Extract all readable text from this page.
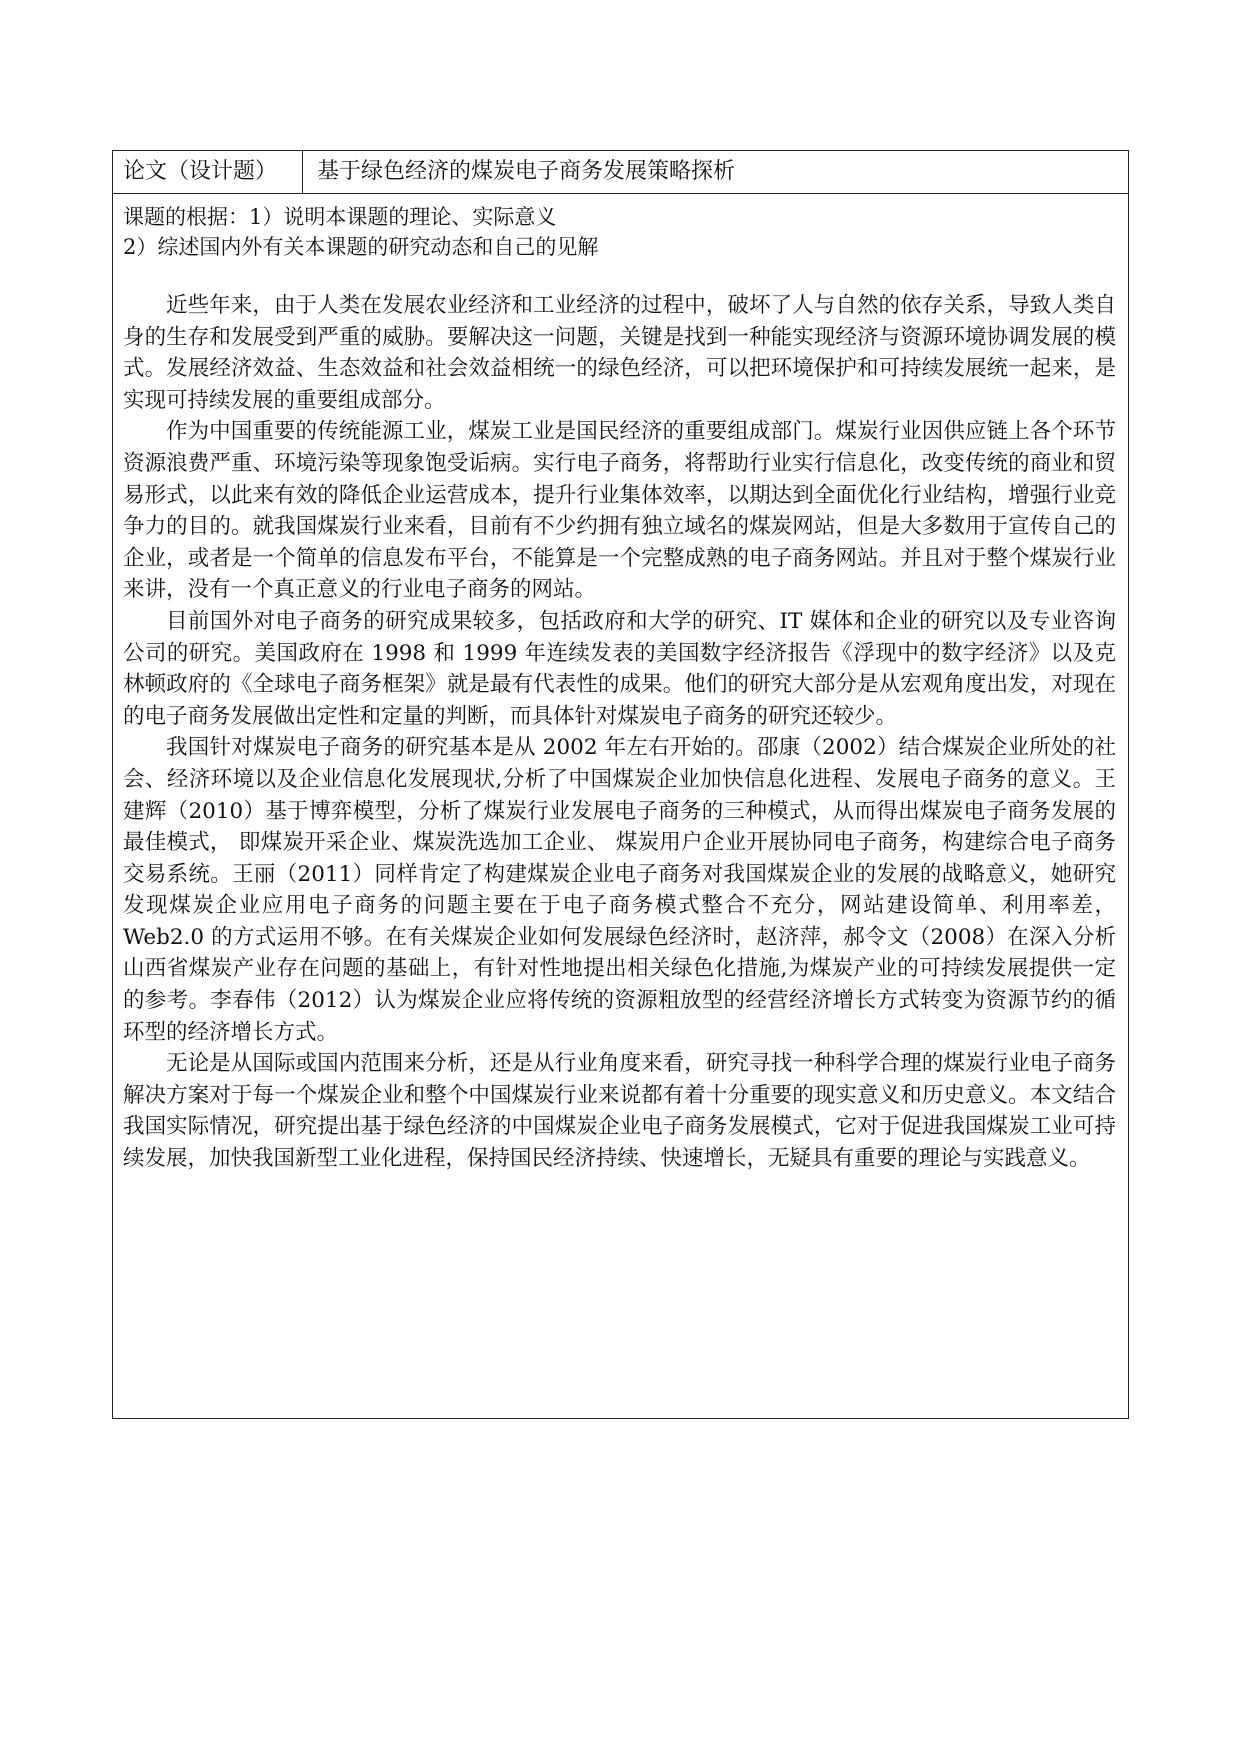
论文（设计题）	基于绿色经济的煤炭电子商务发展策略探析
课题的根据：1）说明本课题的理论、实际意义
2）综述国内外有关本课题的研究动态和自己的见解

近些年来，由于人类在发展农业经济和工业经济的过程中，破坏了人与自然的依存关系，导致人类自身的生存和发展受到严重的威胁。要解决这一问题，关键是找到一种能实现经济与资源环境协调发展的模式。发展经济效益、生态效益和社会效益相统一的绿色经济，可以把环境保护和可持续发展统一起来，是实现可持续发展的重要组成部分。

作为中国重要的传统能源工业，煤炭工业是国民经济的重要组成部门。煤炭行业因供应链上各个环节资源浪费严重、环境污染等现象饱受诟病。实行电子商务，将帮助行业实行信息化，改变传统的商业和贸易形式，以此来有效的降低企业运营成本，提升行业集体效率，以期达到全面优化行业结构，增强行业竞争力的目的。就我国煤炭行业来看，目前有不少约拥有独立域名的煤炭网站，但是大多数用于宣传自己的企业，或者是一个简单的信息发布平台，不能算是一个完整成熟的电子商务网站。并且对于整个煤炭行业来讲，没有一个真正意义的行业电子商务的网站。

目前国外对电子商务的研究成果较多，包括政府和大学的研究、IT 媒体和企业的研究以及专业咨询公司的研究。美国政府在 1998 和 1999 年连续发表的美国数字经济报告《浮现中的数字经济》以及克林顿政府的《全球电子商务框架》就是最有代表性的成果。他们的研究大部分是从宏观角度出发，对现在的电子商务发展做出定性和定量的判断，而具体针对煤炭电子商务的研究还较少。

我国针对煤炭电子商务的研究基本是从 2002 年左右开始的。邵康（2002）结合煤炭企业所处的社会、经济环境以及企业信息化发展现状,分析了中国煤炭企业加快信息化进程、发展电子商务的意义。王建辉（2010）基于博弈模型，分析了煤炭行业发展电子商务的三种模式，从而得出煤炭电子商务发展的最佳模式， 即煤炭开采企业、煤炭洗选加工企业、 煤炭用户企业开展协同电子商务，构建综合电子商务交易系统。王丽（2011）同样肯定了构建煤炭企业电子商务对我国煤炭企业的发展的战略意义，她研究发现煤炭企业应用电子商务的问题主要在于电子商务模式整合不充分，网站建设简单、利用率差，Web2.0 的方式运用不够。在有关煤炭企业如何发展绿色经济时，赵济萍，郝令文（2008）在深入分析山西省煤炭产业存在问题的基础上，有针对性地提出相关绿色化措施,为煤炭产业的可持续发展提供一定的参考。李春伟（2012）认为煤炭企业应将传统的资源粗放型的经营经济增长方式转变为资源节约的循环型的经济增长方式。

无论是从国际或国内范围来分析，还是从行业角度来看，研究寻找一种科学合理的煤炭行业电子商务解决方案对于每一个煤炭企业和整个中国煤炭行业来说都有着十分重要的现实意义和历史意义。本文结合我国实际情况，研究提出基于绿色经济的中国煤炭企业电子商务发展模式，它对于促进我国煤炭工业可持续发展，加快我国新型工业化进程，保持国民经济持续、快速增长，无疑具有重要的理论与实践意义。
